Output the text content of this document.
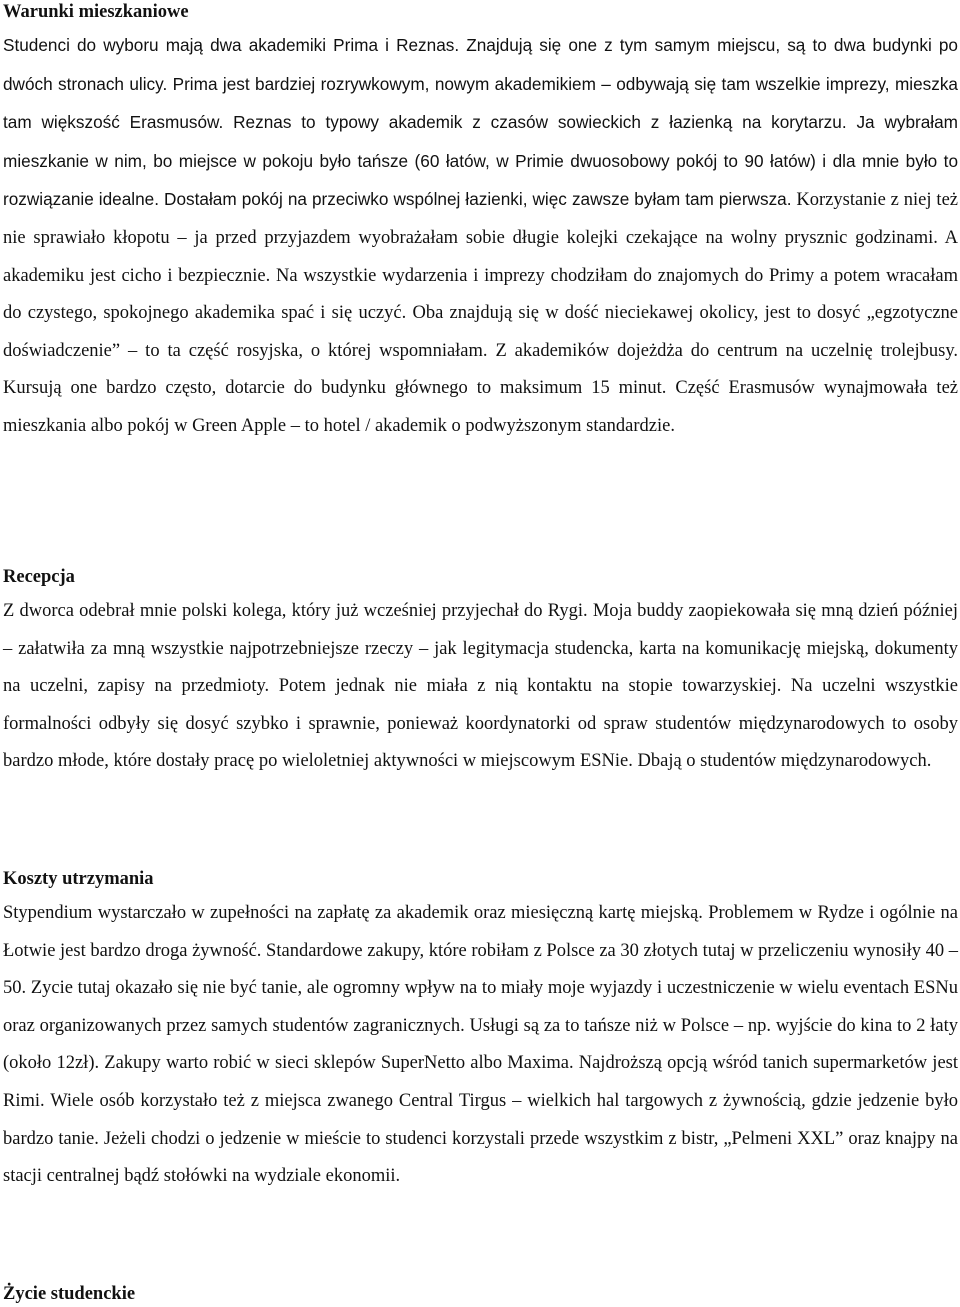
Warunki mieszkaniowe

Studenci do wyboru mają dwa akademiki Prima i Reznas. Znajdują się one z tym samym miejscu, są to dwa budynki po dwóch stronach ulicy. Prima jest bardziej rozrywkowym, nowym akademikiem – odbywają się tam wszelkie imprezy, mieszka tam większość Erasmusów. Reznas to typowy akademik z czasów sowieckich z łazienką na korytarzu. Ja wybrałam mieszkanie w nim, bo miejsce w pokoju było tańsze (60 łatów, w Primie dwuosobowy pokój to 90 łatów) i dla mnie było to rozwiązanie idealne. Dostałam pokój na przeciwko wspólnej łazienki, więc zawsze byłam tam pierwsza. Korzystanie z niej też nie sprawiało kłopotu – ja przed przyjazdem wyobrażałam sobie długie kolejki czekające na wolny prysznic godzinami. A akademiku jest cicho i bezpiecznie. Na wszystkie wydarzenia i imprezy chodziłam do znajomych do Primy a potem wracałam do czystego, spokojnego akademika spać i się uczyć. Oba znajdują się w dość nieciekawej okolicy, jest to dosyć „egzotyczne doświadczenie” – to ta część rosyjska, o której wspomniałam. Z akademików dojeżdża do centrum na uczelnię trolejbusy. Kursują one bardzo często, dotarcie do budynku głównego to maksimum 15 minut. Część Erasmusów wynajmowała też mieszkania albo pokój w Green Apple – to hotel / akademik o podwyższonym standardzie.

Recepcja

Z dworca odebrał mnie polski kolega, który już wcześniej przyjechał do Rygi. Moja buddy zaopiekowała się mną dzień później – załatwiła za mną wszystkie najpotrzebniejsze rzeczy – jak legitymacja studencka, karta na komunikację miejską, dokumenty na uczelni, zapisy na przedmioty. Potem jednak nie miała z nią kontaktu na stopie towarzyskiej. Na uczelni wszystkie formalności odbyły się dosyć szybko i sprawnie, ponieważ koordynatorki od spraw studentów międzynarodowych to osoby bardzo młode, które dostały pracę po wieloletniej aktywności w miejscowym ESNie. Dbają o studentów międzynarodowych.

Koszty utrzymania

Stypendium wystarczało w zupełności na zapłatę za akademik oraz miesięczną kartę miejską. Problemem w Rydze i ogólnie na Łotwie jest bardzo droga żywność. Standardowe zakupy, które robiłam z Polsce za 30 złotych tutaj w przeliczeniu wynosiły 40 – 50. Zycie tutaj okazało się nie być tanie, ale ogromny wpływ na to miały moje wyjazdy i uczestniczenie w wielu eventach ESNu oraz organizowanych przez samych studentów zagranicznych. Usługi są za to tańsze niż w Polsce – np. wyjście do kina to 2 łaty (około 12zł). Zakupy warto robić w sieci sklepów SuperNetto albo Maxima. Najdroższą opcją wśród tanich supermarketów jest Rimi. Wiele osób korzystało też z miejsca zwanego Central Tirgus – wielkich hal targowych z żywnością, gdzie jedzenie było bardzo tanie. Jeżeli chodzi o jedzenie w mieście to studenci korzystali przede wszystkim z bistr, „Pelmeni XXL” oraz knajpy na stacji centralnej bądź stołówki na wydziale ekonomii.

Życie studenckie
